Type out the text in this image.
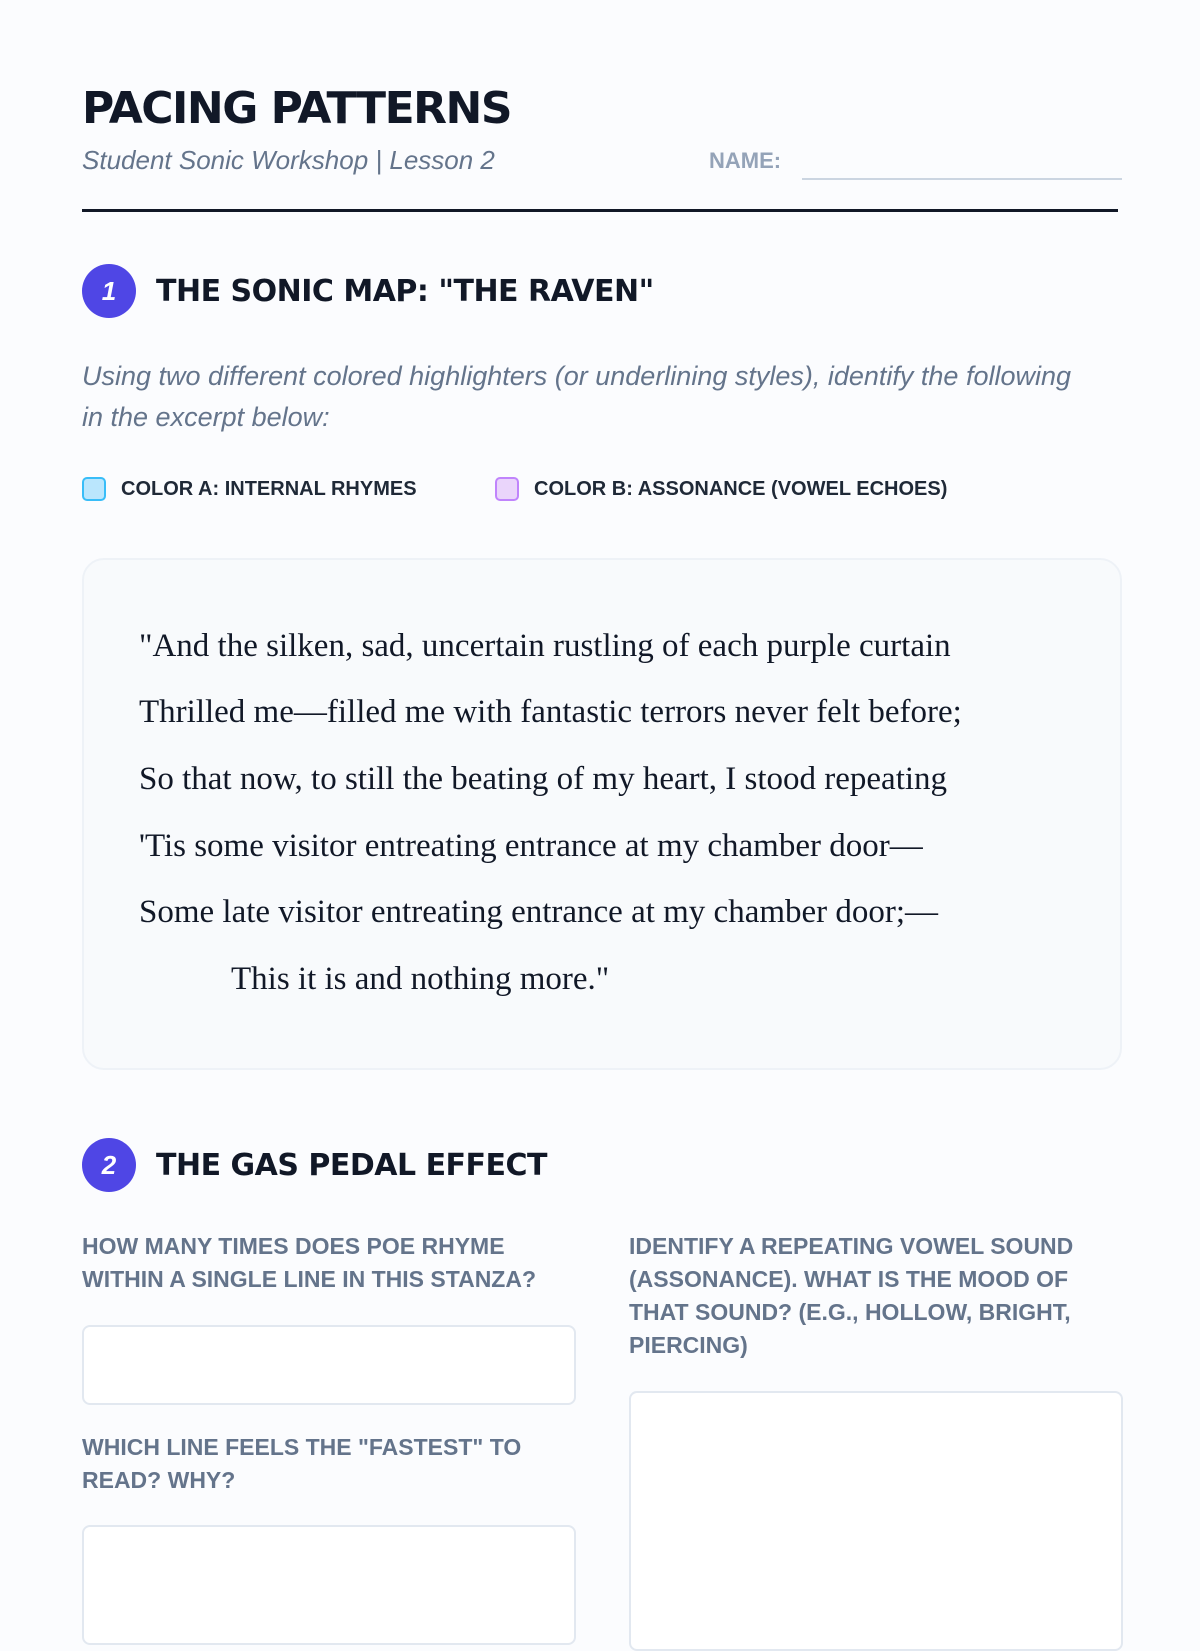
PACING PATTERNS
Student Sonic Workshop | Lesson 2	NAME:
1	THE SONIC MAP: "THE RAVEN"
Using two different colored highlighters (or underlining styles), identify the following in the excerpt below:
COLOR A: INTERNAL RHYMES	COLOR B: ASSONANCE (VOWEL ECHOES)
"And the silken, sad, uncertain rustling of each purple curtain
Thrilled me—filled me with fantastic terrors never felt before;
So that now, to still the beating of my heart, I stood repeating
'Tis some visitor entreating entrance at my chamber door—
Some late visitor entreating entrance at my chamber door;—
This it is and nothing more."
2	THE GAS PEDAL EFFECT
HOW MANY TIMES DOES POE RHYME WITHIN A SINGLE LINE IN THIS STANZA?
WHICH LINE FEELS THE "FASTEST" TO READ? WHY?
IDENTIFY A REPEATING VOWEL SOUND (ASSONANCE). WHAT IS THE MOOD OF THAT SOUND? (E.G., HOLLOW, BRIGHT, PIERCING)
